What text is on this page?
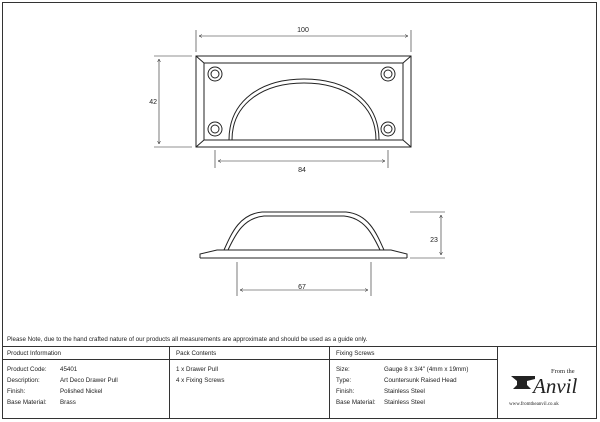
100
42
84
23
67
Please Note, due to the hand crafted nature of our products all measurements are approximate and should be used as a guide only.
Product Information
Product Code: 45401
Description:	Art Deco Drawer Pull
Finish:	Polished Nickel
Base Material: Brass
Pack Contents
1 x Drawer Pull
4 x Fixing Screws
Fixing Screws
Size:	Gauge 8 x 3/4" (4mm x 19mm)
Type:	Countersunk Raised Head
Finish:	Stainless Steel
Base Material: Stainless Steel
From the
Anvil
www.fromtheanvil.co.uk
